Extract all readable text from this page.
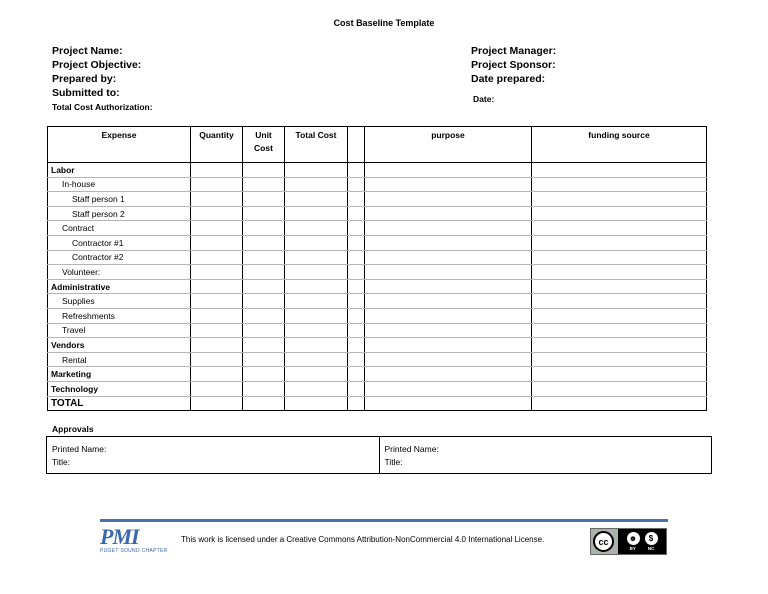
Cost Baseline Template
Project Name:
Project Objective:
Prepared by:
Submitted to:
Total Cost Authorization:
Project Manager:
Project Sponsor:
Date prepared:
Date:
Expense	Quantity	Unit Cost	Total Cost		purpose	funding source
Labor						
In-house						
Staff person 1						
Staff person 2						
Contract						
Contractor #1						
Contractor #2						
Volunteer:						
Administrative						
Supplies						
Refreshments						
Travel						
Vendors						
Rental						
Marketing						
Technology						
TOTAL						
Approvals
Printed Name:
Title:
Printed Name:
Title:
PMI
PUGET SOUND CHAPTER
This work is licensed under a Creative Commons Attribution-NonCommercial 4.0 International License.	cc	☻	$
BY	NC
